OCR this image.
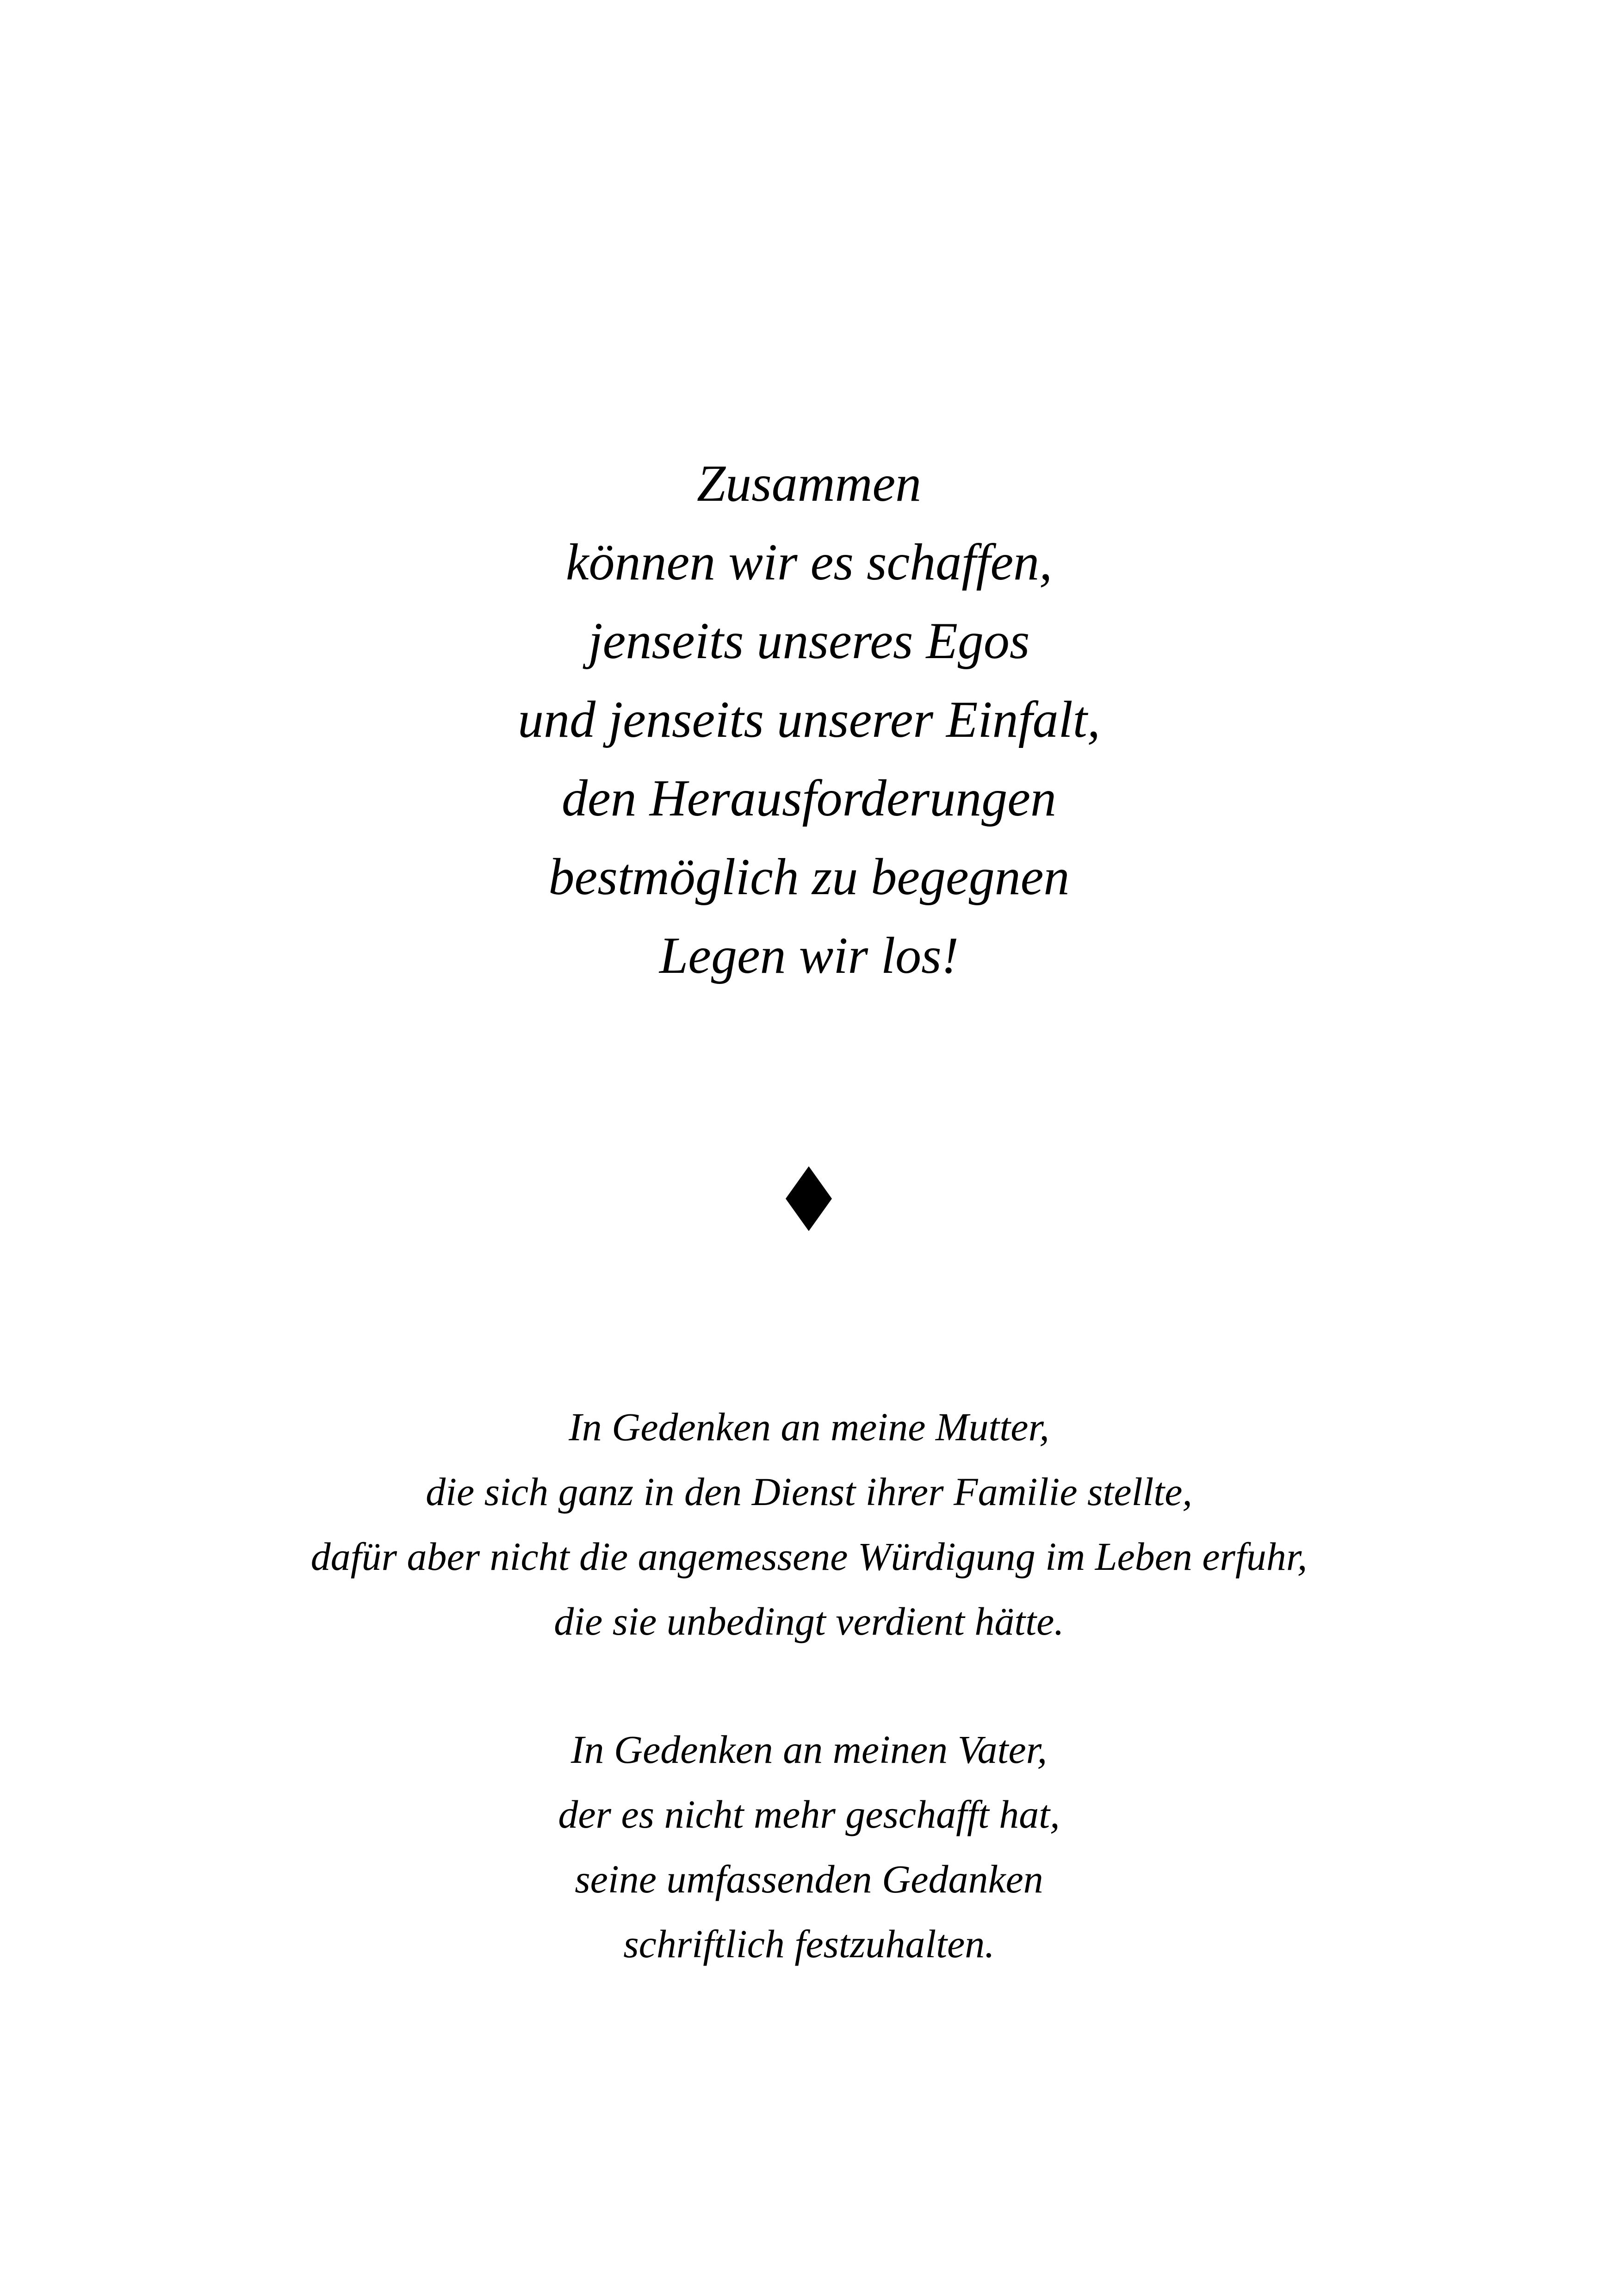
Zusammen
können wir es schaffen,
jenseits unseres Egos
und jenseits unserer Einfalt,
den Herausforderungen
bestmöglich zu begegnen
Legen wir los!
In Gedenken an meine Mutter,
die sich ganz in den Dienst ihrer Familie stellte,
dafür aber nicht die angemessene Würdigung im Leben erfuhr,
die sie unbedingt verdient hätte.
In Gedenken an meinen Vater,
der es nicht mehr geschafft hat,
seine umfassenden Gedanken
schriftlich festzuhalten.
